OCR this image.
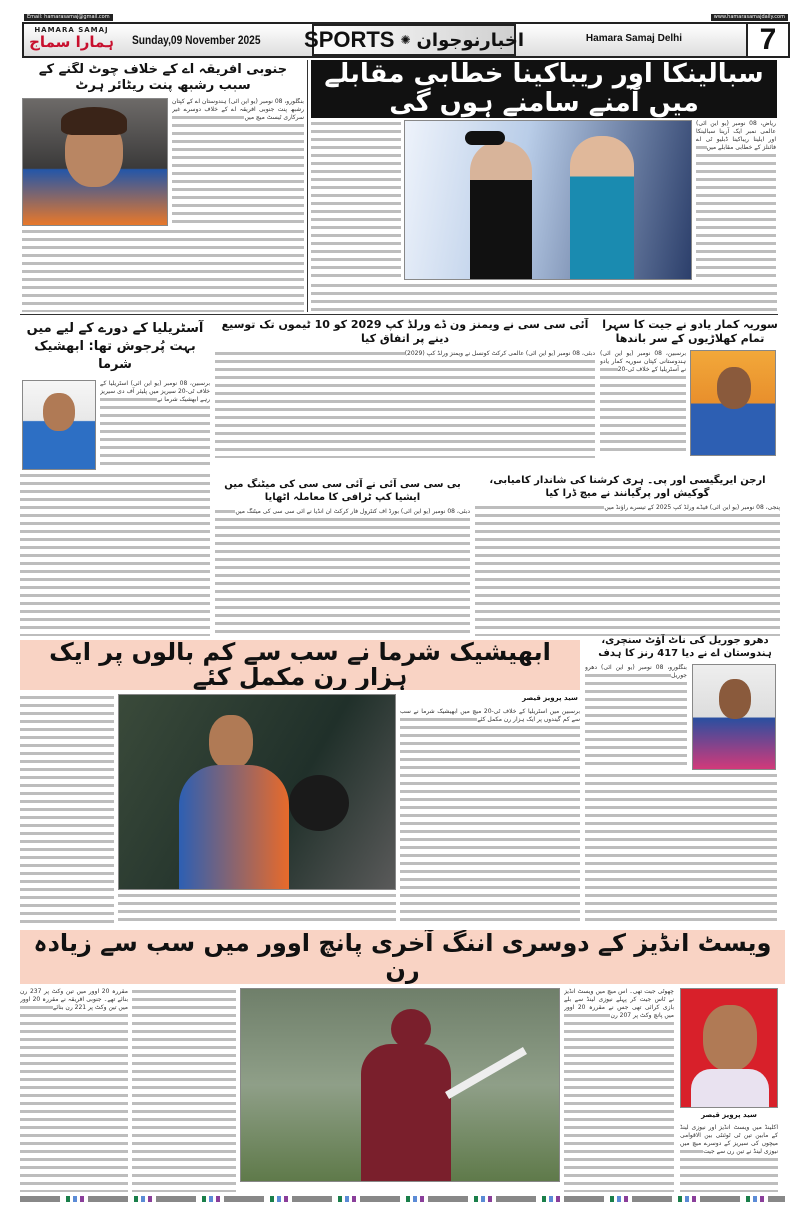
Email: hamarasamaj@gmail.com	www.hamarasamajdaily.com
HAMARA SAMAJ
ہمارا سماج	Sunday,09 November 2025 SPORTS ✺ اخبارنوجوان	Hamara Samaj Delhi	7
جنوبی افریقہ اے کے خلاف چوٹ لگنے کے سبب رشبھ پنت ریٹائر ہرٹ
بنگلورو، 08 نومبر (یو این آئی) ہندوستان اے کے کپتان رشبھ پنت جنوبی افریقہ اے کے خلاف دوسرے غیر سرکاری ٹیسٹ میچ میں
سبالینکا اور ریباکینا خطابی مقابلے میں آمنے سامنے ہوں گی
ریاض، 08 نومبر (یو این آئی) عالمی نمبر ایک آرینا سبالینکا اور ایلینا ریباکینا ڈبلیو ٹی اے فائنلز کے خطابی مقابلے میں
سوریہ کمار یادو نے جیت کا سہرا تمام کھلاڑیوں کے سر باندھا
برسبین، 08 نومبر (یو این آئی) ہندوستانی کپتان سوریہ کمار یادو نے آسٹریلیا کے خلاف ٹی-20
آئی سی سی نے ویمنز ون ڈے ورلڈ کپ 2029 کو 10 ٹیموں تک توسیع دینے پر اتفاق کیا
دبئی، 08 نومبر (یو این آئی) عالمی کرکٹ کونسل نے ویمنز ورلڈ کپ (2029)
آسٹریلیا کے دورے کے لیے میں بہت پُرجوش تھا: ابھشیک شرما
برسبین، 08 نومبر (یو این آئی) آسٹریلیا کے خلاف ٹی-20 سیریز میں پلیئر آف دی سیریز رہے ابھشیک شرما نے
بی سی سی آئی نے آئی سی سی کی میٹنگ میں ایشیا کپ ٹرافی کا معاملہ اٹھایا
دبئی، 08 نومبر (یو این آئی) بورڈ آف کنٹرول فار کرکٹ ان انڈیا نے آئی سی سی کی میٹنگ میں
ارجن ایریگیسی اور پی۔ ہری کرشنا کی شاندار کامیابی، گوکیش اور پرگیانند نے میچ ڈرا کیا
پنجی، 08 نومبر (یو این آئی) فیڈے ورلڈ کپ 2025 کے تیسرے راؤنڈ میں
ابھیشیک شرما نے سب سے کم بالوں پر ایک ہزار رن مکمل کئے
سید پرویز قیصر
برسبین میں آسٹریلیا کے خلاف ٹی-20 میچ میں ابھیشیک شرما نے سب سے کم گیندوں پر ایک ہزار رن مکمل کئے
دھرو جوریل کی ناٹ آؤٹ سنچری، ہندوستان اے نے دیا 417 رنز کا ہدف
بنگلورو، 08 نومبر (یو این آئی) دھرو جوریل
ویسٹ انڈیز کے دوسری اننگ آخری پانچ اوور میں سب سے زیادہ رن
مقررہ 20 اوور میں تین وکٹ پر 237 رن بنائے تھے۔ جنوبی افریقہ نے مقررہ 20 اوور میں تین وکٹ پر 221 رن بنائے
چھوٹی جیت تھی۔ اس میچ میں ویسٹ انڈیز نے ٹاس جیت کر پہلے نیوزی لینڈ سے بلے بازی کرائی تھی جس نے مقررہ 20 اوور میں پانچ وکٹ پر 207 رن
سید پرویز قیصر
آکلینڈ میں ویسٹ انڈیز اور نیوزی لینڈ کے مابین تین ٹی ٹوئنٹی بین الاقوامی میچوں کی سیریز کے دوسرے میچ میں نیوزی لینڈ نے تین رن سے جیت
